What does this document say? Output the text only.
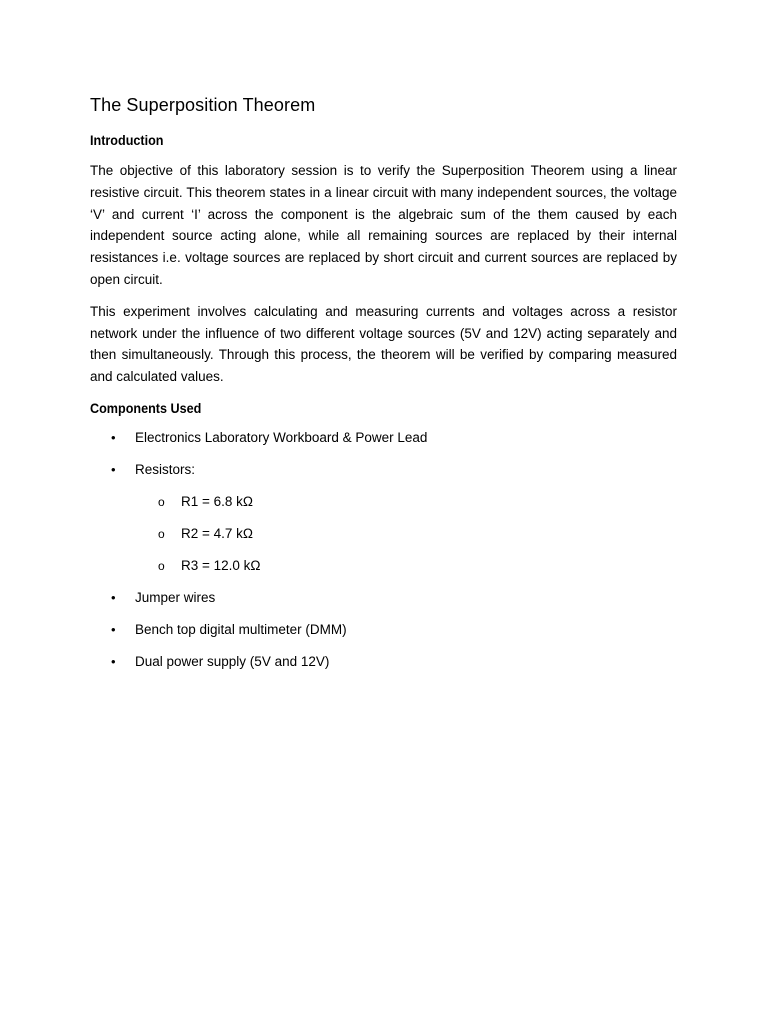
The Superposition Theorem
Introduction

The objective of this laboratory session is to verify the Superposition Theorem using a linear resistive circuit. This theorem states in a linear circuit with many independent sources, the voltage ‘V’ and current ‘I’ across the component is the algebraic sum of the them caused by each independent source acting alone, while all remaining sources are replaced by their internal resistances i.e. voltage sources are replaced by short circuit and current sources are replaced by open circuit.

This experiment involves calculating and measuring currents and voltages across a resistor network under the influence of two different voltage sources (5V and 12V) acting separately and then simultaneously. Through this process, the theorem will be verified by comparing measured and calculated values.

Components Used
• Electronics Laboratory Workboard & Power Lead
• Resistors:
o R1 = 6.8 kΩ
o R2 = 4.7 kΩ
o R3 = 12.0 kΩ
• Jumper wires
• Bench top digital multimeter (DMM)
• Dual power supply (5V and 12V)
